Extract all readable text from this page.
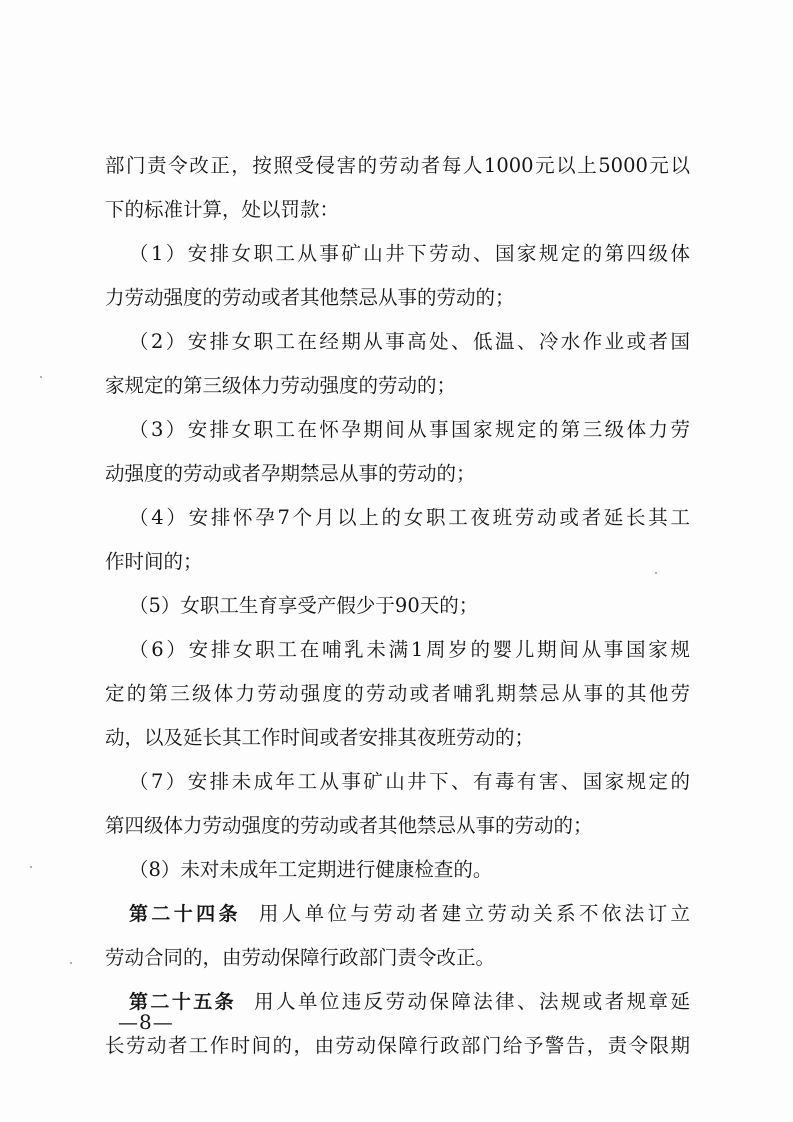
部门责令改正，按照受侵害的劳动者每人1000元以上5000元以
下的标准计算，处以罚款：
（1）安排女职工从事矿山井下劳动、国家规定的第四级体
力劳动强度的劳动或者其他禁忌从事的劳动的；
（2）安排女职工在经期从事高处、低温、冷水作业或者国
家规定的第三级体力劳动强度的劳动的；
（3）安排女职工在怀孕期间从事国家规定的第三级体力劳
动强度的劳动或者孕期禁忌从事的劳动的；
（4）安排怀孕7个月以上的女职工夜班劳动或者延长其工
作时间的；
（5）女职工生育享受产假少于90天的；
（6）安排女职工在哺乳未满1周岁的婴儿期间从事国家规
定的第三级体力劳动强度的劳动或者哺乳期禁忌从事的其他劳
动，以及延长其工作时间或者安排其夜班劳动的；
（7）安排未成年工从事矿山井下、有毒有害、国家规定的
第四级体力劳动强度的劳动或者其他禁忌从事的劳动的；
（8）未对未成年工定期进行健康检查的。
第二十四条 用人单位与劳动者建立劳动关系不依法订立
劳动合同的，由劳动保障行政部门责令改正。
第二十五条 用人单位违反劳动保障法律、法规或者规章延
长劳动者工作时间的，由劳动保障行政部门给予警告，责令限期
—8—
